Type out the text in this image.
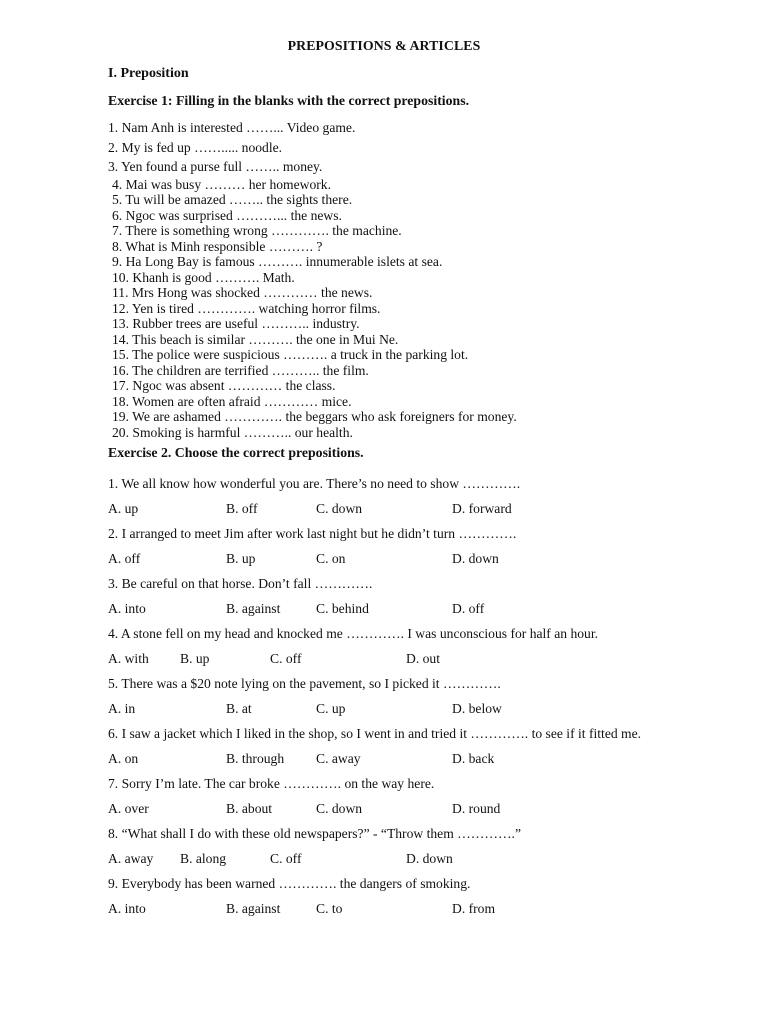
PREPOSITIONS & ARTICLES
I. Preposition
Exercise 1: Filling in the blanks with the correct prepositions.
1. Nam Anh is interested ……... Video game.
2. My is fed up ……..... noodle.
3. Yen found a purse full …….. money.
4. Mai was busy ……… her homework.
5. Tu will be amazed …….. the sights there.
6. Ngoc was surprised ………... the news.
7. There is something wrong …………. the machine.
8. What is Minh responsible ………. ?
9. Ha Long Bay is famous ………. innumerable islets at sea.
10. Khanh is good ………. Math.
11. Mrs Hong was shocked ………… the news.
12. Yen is tired …………. watching horror films.
13. Rubber trees are useful ……….. industry.
14. This beach is similar ………. the one in Mui Ne.
15. The police were suspicious ………. a truck in the parking lot.
16. The children are terrified ……….. the film.
17. Ngoc was absent ………… the class.
18. Women are often afraid ………… mice.
19. We are ashamed …………. the beggars who ask foreigners for money.
20. Smoking is harmful ……….. our health.
Exercise 2. Choose the correct prepositions.
1. We all know how wonderful you are. There’s no need to show ………….
A. up	B. off	C. down	D. forward
2. I arranged to meet Jim after work last night but he didn’t turn ………….
A. off	B. up	C. on	D. down
3. Be careful on that horse. Don’t fall ………….
A. into	B. against	C. behind	D. off
4. A stone fell on my head and knocked me …………. I was unconscious for half an hour.
A. with B. up	C. off	D. out
5. There was a $20 note lying on the pavement, so I picked it ………….
A. in	B. at	C. up	D. below
6. I saw a jacket which I liked in the shop, so I went in and tried it …………. to see if it fitted me.
A. on	B. through C. away	D. back
7. Sorry I’m late. The car broke …………. on the way here.
A. over	B. about	C. down	D. round
8. “What shall I do with these old newspapers?” - “Throw them ………….”
A. away B. along	C. off	D. down
9. Everybody has been warned …………. the dangers of smoking.
A. into	B. against	C. to	D. from
